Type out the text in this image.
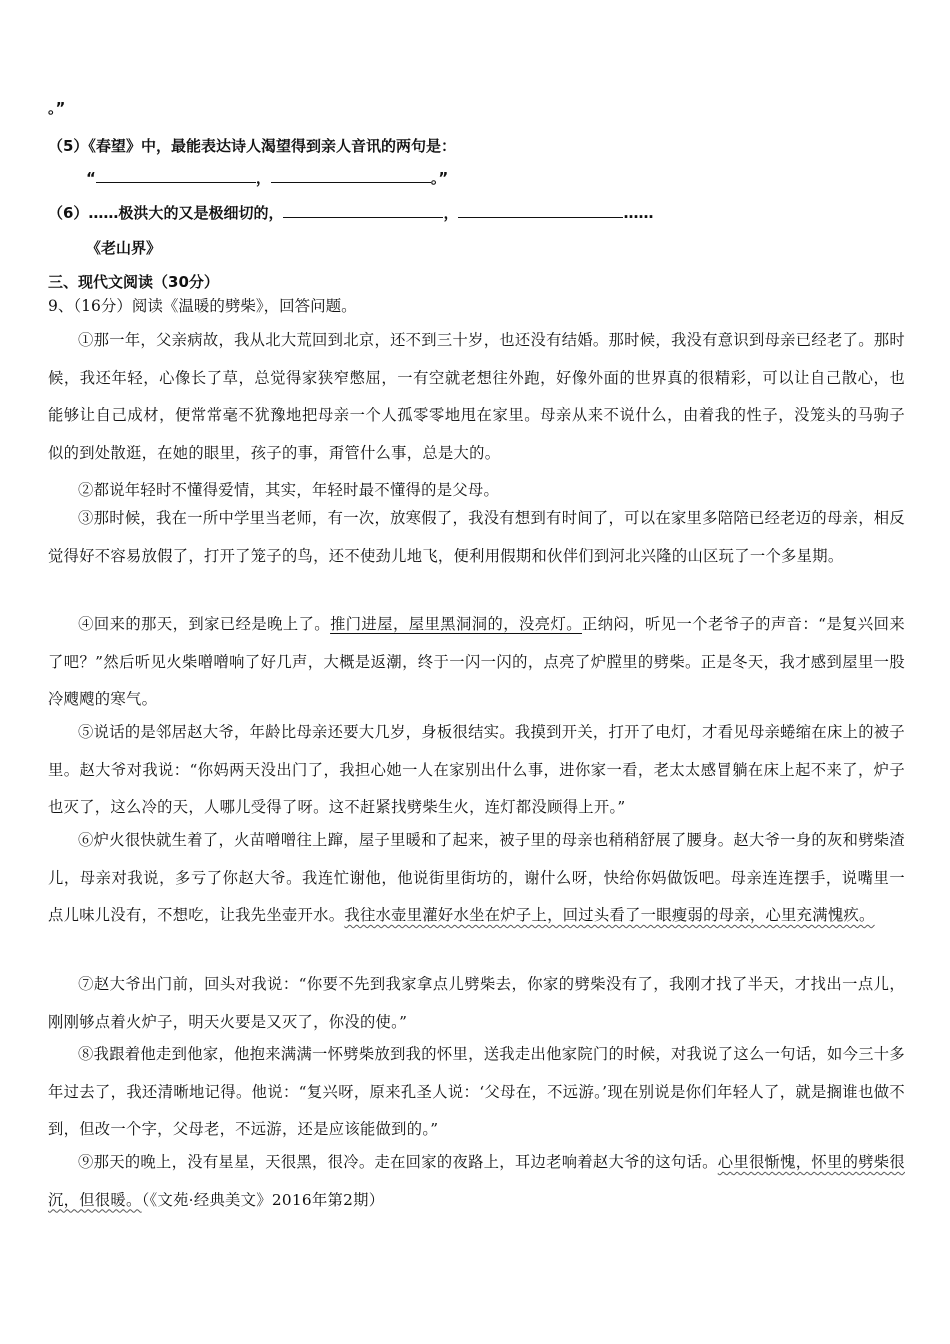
。”
（5）《春望》中，最能表达诗人渴望得到亲人音讯的两句是：
“	，	。”
（6）……极洪大的又是极细切的，	，	……
《老山界》
三、现代文阅读（30分）
9、（16分）阅读《温暖的劈柴》，回答问题。
①那一年，父亲病故，我从北大荒回到北京，还不到三十岁，也还没有结婚。那时候，我没有意识到母亲已经老了。那时候，我还年轻，心像长了草，总觉得家狭窄憋屈，一有空就老想往外跑，好像外面的世界真的很精彩，可以让自己散心，也能够让自己成材，便常常毫不犹豫地把母亲一个人孤零零地甩在家里。母亲从来不说什么，由着我的性子，没笼头的马驹子似的到处散逛，在她的眼里，孩子的事，甭管什么事，总是大的。
②都说年轻时不懂得爱情，其实，年轻时最不懂得的是父母。
③那时候，我在一所中学里当老师，有一次，放寒假了，我没有想到有时间了，可以在家里多陪陪已经老迈的母亲，相反觉得好不容易放假了，打开了笼子的鸟，还不使劲儿地飞，便利用假期和伙伴们到河北兴隆的山区玩了一个多星期。
④回来的那天，到家已经是晚上了。推门进屋，屋里黑洞洞的，没亮灯。正纳闷，听见一个老爷子的声音：“是复兴回来了吧？”然后听见火柴噌噌响了好几声，大概是返潮，终于一闪一闪的，点亮了炉膛里的劈柴。正是冬天，我才感到屋里一股冷飕飕的寒气。
⑤说话的是邻居赵大爷，年龄比母亲还要大几岁，身板很结实。我摸到开关，打开了电灯，才看见母亲蜷缩在床上的被子里。赵大爷对我说：“你妈两天没出门了，我担心她一人在家别出什么事，进你家一看，老太太感冒躺在床上起不来了，炉子也灭了，这么冷的天，人哪儿受得了呀。这不赶紧找劈柴生火，连灯都没顾得上开。”
⑥炉火很快就生着了，火苗噌噌往上蹿，屋子里暖和了起来，被子里的母亲也稍稍舒展了腰身。赵大爷一身的灰和劈柴渣儿，母亲对我说，多亏了你赵大爷。我连忙谢他，他说街里街坊的，谢什么呀，快给你妈做饭吧。母亲连连摆手，说嘴里一点儿味儿没有，不想吃，让我先坐壶开水。我往水壶里灌好水坐在炉子上，回过头看了一眼瘦弱的母亲，心里充满愧疚。
⑦赵大爷出门前，回头对我说：“你要不先到我家拿点儿劈柴去，你家的劈柴没有了，我刚才找了半天，才找出一点儿，刚刚够点着火炉子，明天火要是又灭了，你没的使。”
⑧我跟着他走到他家，他抱来满满一怀劈柴放到我的怀里，送我走出他家院门的时候，对我说了这么一句话，如今三十多年过去了，我还清晰地记得。他说：“复兴呀，原来孔圣人说：‘父母在，不远游。’现在别说是你们年轻人了，就是搁谁也做不到，但改一个字，父母老，不远游，还是应该能做到的。”
⑨那天的晚上，没有星星，天很黑，很冷。走在回家的夜路上，耳边老响着赵大爷的这句话。心里很惭愧，怀里的劈柴很沉，但很暖。（《文苑·经典美文》2016年第2期）
